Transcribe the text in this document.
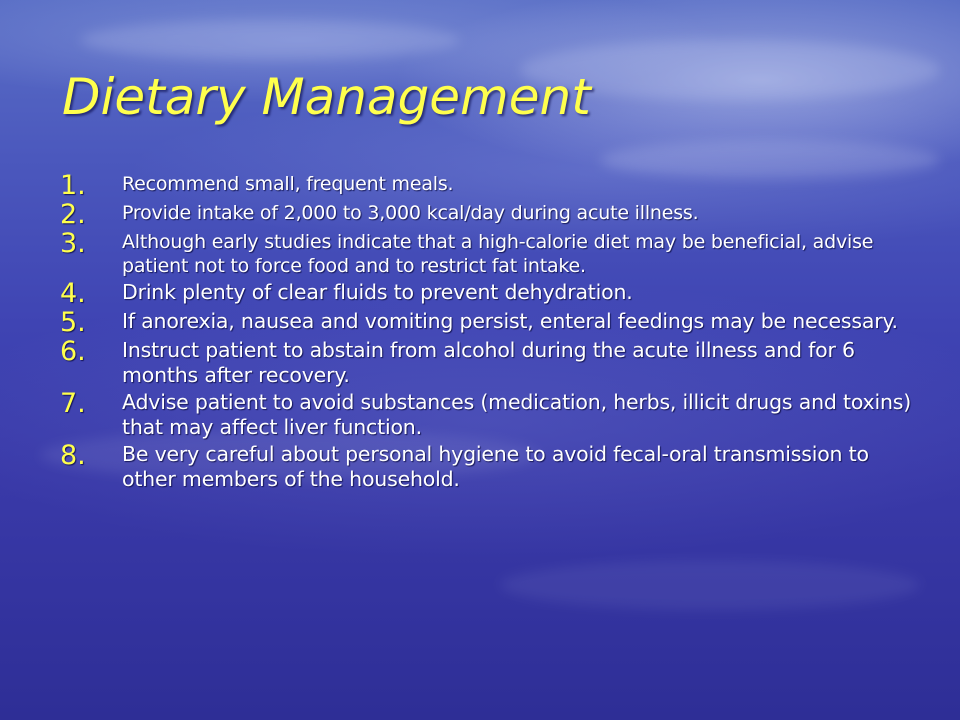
Dietary Management
1.	Recommend small, frequent meals.
2.	Provide intake of 2,000 to 3,000 kcal/day during acute illness.
3.	Although early studies indicate that a high-calorie diet may be beneficial, advise patient not to force food and to restrict fat intake.
4.	Drink plenty of clear fluids to prevent dehydration.
5.	If anorexia, nausea and vomiting persist, enteral feedings may be necessary.
6.	Instruct patient to abstain from alcohol during the acute illness and for 6 months after recovery.
7.	Advise patient to avoid substances (medication, herbs, illicit drugs and toxins) that may affect liver function.
8.	Be very careful about personal hygiene to avoid fecal-oral transmission to other members of the household.
